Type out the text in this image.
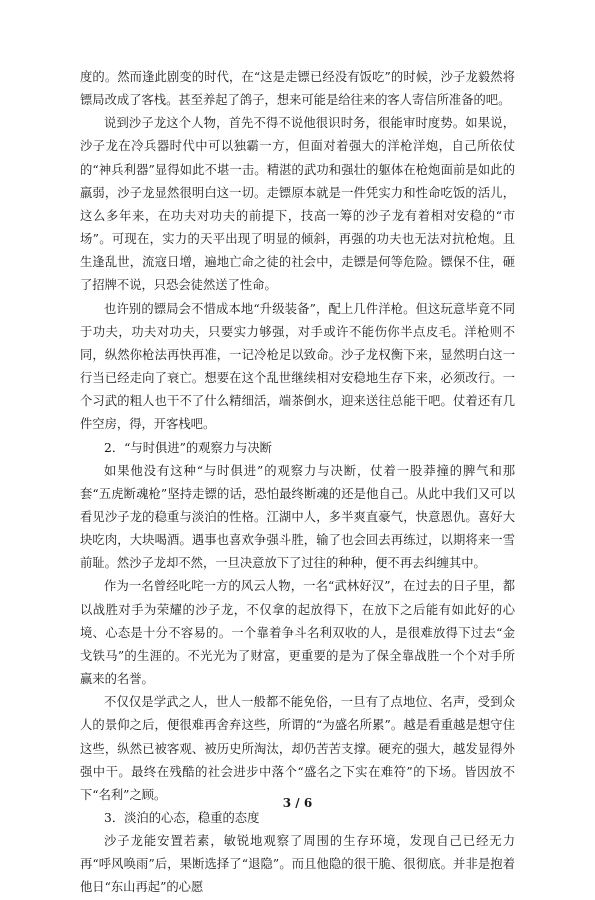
度的。然而逢此剧变的时代，在“这是走镖已经没有饭吃”的时候，沙子龙毅然将镖局改成了客栈。甚至养起了鸽子，想来可能是给往来的客人寄信所准备的吧。

说到沙子龙这个人物，首先不得不说他很识时务，很能审时度势。如果说，沙子龙在冷兵器时代中可以独霸一方，但面对着强大的洋枪洋炮，自己所依仗的“神兵利器”显得如此不堪一击。精湛的武功和强壮的躯体在枪炮面前是如此的羸弱，沙子龙显然很明白这一切。走镖原本就是一件凭实力和性命吃饭的活儿，这么多年来，在功夫对功夫的前提下，技高一筹的沙子龙有着相对安稳的“市场”。可现在，实力的天平出现了明显的倾斜，再强的功夫也无法对抗枪炮。且生逢乱世，流寇日增，遍地亡命之徒的社会中，走镖是何等危险。镖保不住，砸了招牌不说，只恐会徒然送了性命。

也许别的镖局会不惜成本地“升级装备”，配上几件洋枪。但这玩意毕竟不同于功夫，功夫对功夫，只要实力够强，对手或许不能伤你半点皮毛。洋枪则不同，纵然你枪法再快再准，一记冷枪足以致命。沙子龙权衡下来，显然明白这一行当已经走向了衰亡。想要在这个乱世继续相对安稳地生存下来，必须改行。一个习武的粗人也干不了什么精细活，端茶倒水，迎来送往总能干吧。仗着还有几件空房，得，开客栈吧。

2．“与时俱进”的观察力与决断

如果他没有这种“与时俱进”的观察力与决断，仗着一股莽撞的脾气和那套“五虎断魂枪”坚持走镖的话，恐怕最终断魂的还是他自己。从此中我们又可以看见沙子龙的稳重与淡泊的性格。江湖中人，多半爽直豪气，快意恩仇。喜好大块吃肉，大块喝酒。遇事也喜欢争强斗胜，输了也会回去再练过，以期将来一雪前耻。然沙子龙却不然，一旦决意放下了过往的种种，便不再去纠缠其中。

作为一名曾经叱咤一方的风云人物，一名“武林好汉”，在过去的日子里，都以战胜对手为荣耀的沙子龙，不仅拿的起放得下，在放下之后能有如此好的心境、心态是十分不容易的。一个靠着争斗名利双收的人，是很难放得下过去“金戈铁马”的生涯的。不光光为了财富，更重要的是为了保全靠战胜一个个对手所赢来的名誉。

不仅仅是学武之人，世人一般都不能免俗，一旦有了点地位、名声，受到众人的景仰之后，便很难再舍弃这些，所谓的“为盛名所累”。越是看重越是想守住这些，纵然已被客观、被历史所淘汰，却仍苦苦支撑。硬充的强大，越发显得外强中干。最终在残酷的社会进步中落个“盛名之下实在难符”的下场。皆因放不下“名利”之顾。

3．淡泊的心态，稳重的态度

沙子龙能安置若素，敏锐地观察了周围的生存环境，发现自己已经无力再“呼风唤雨”后，果断选择了“退隐”。而且他隐的很干脆、很彻底。并非是抱着他日“东山再起”的心愿

3 / 6
